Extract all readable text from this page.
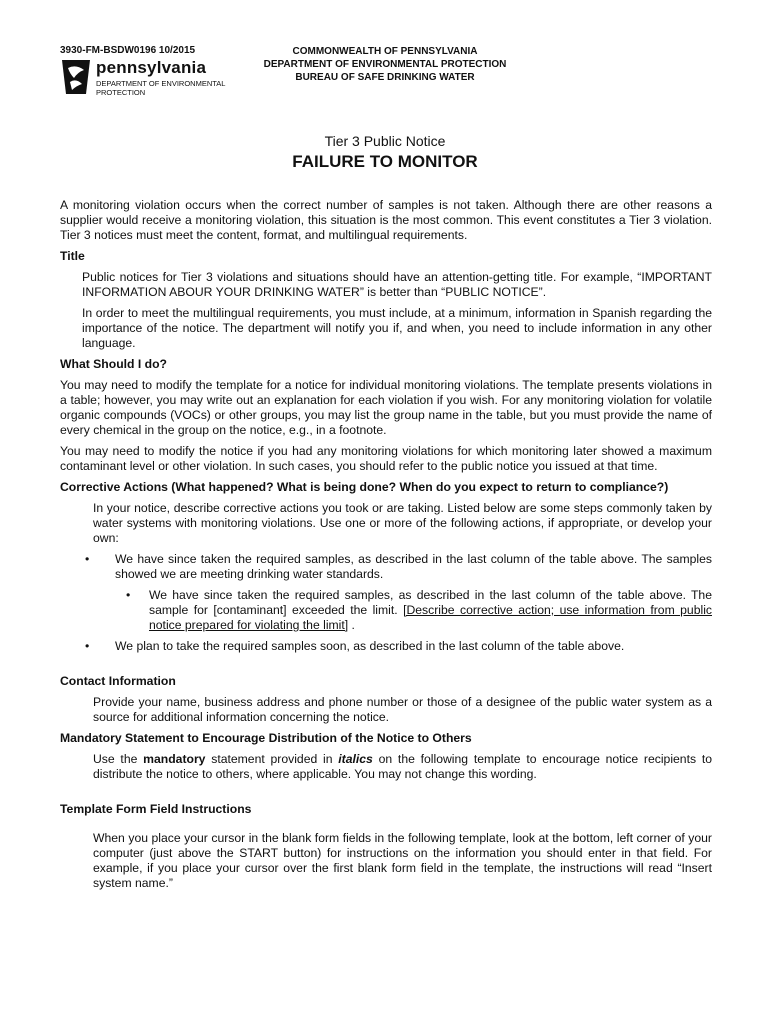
3930-FM-BSDW0196 10/2015
pennsylvania
DEPARTMENT OF ENVIRONMENTAL PROTECTION
COMMONWEALTH OF PENNSYLVANIA
DEPARTMENT OF ENVIRONMENTAL PROTECTION
BUREAU OF SAFE DRINKING WATER
Tier 3 Public Notice
FAILURE TO MONITOR

A monitoring violation occurs when the correct number of samples is not taken. Although there are other reasons a supplier would receive a monitoring violation, this situation is the most common. This event constitutes a Tier 3 violation. Tier 3 notices must meet the content, format, and multilingual requirements.

Title

Public notices for Tier 3 violations and situations should have an attention-getting title. For example, “IMPORTANT INFORMATION ABOUR YOUR DRINKING WATER” is better than “PUBLIC NOTICE”.

In order to meet the multilingual requirements, you must include, at a minimum, information in Spanish regarding the importance of the notice. The department will notify you if, and when, you need to include information in any other language.

What Should I do?

You may need to modify the template for a notice for individual monitoring violations. The template presents violations in a table; however, you may write out an explanation for each violation if you wish. For any monitoring violation for volatile organic compounds (VOCs) or other groups, you may list the group name in the table, but you must provide the name of every chemical in the group on the notice, e.g., in a footnote.

You may need to modify the notice if you had any monitoring violations for which monitoring later showed a maximum contaminant level or other violation. In such cases, you should refer to the public notice you issued at that time.

Corrective Actions (What happened? What is being done? When do you expect to return to compliance?)

In your notice, describe corrective actions you took or are taking. Listed below are some steps commonly taken by water systems with monitoring violations. Use one or more of the following actions, if appropriate, or develop your own:

• We have since taken the required samples, as described in the last column of the table above. The samples showed we are meeting drinking water standards.
• We have since taken the required samples, as described in the last column of the table above. The sample for [contaminant] exceeded the limit. [Describe corrective action; use information from public notice prepared for violating the limit] .
• We plan to take the required samples soon, as described in the last column of the table above.
Contact Information

Provide your name, business address and phone number or those of a designee of the public water system as a source for additional information concerning the notice.

Mandatory Statement to Encourage Distribution of the Notice to Others

Use the mandatory statement provided in italics on the following template to encourage notice recipients to distribute the notice to others, where applicable. You may not change this wording.

Template Form Field Instructions

When you place your cursor in the blank form fields in the following template, look at the bottom, left corner of your computer (just above the START button) for instructions on the information you should enter in that field. For example, if you place your cursor over the first blank form field in the template, the instructions will read “Insert system name.”
